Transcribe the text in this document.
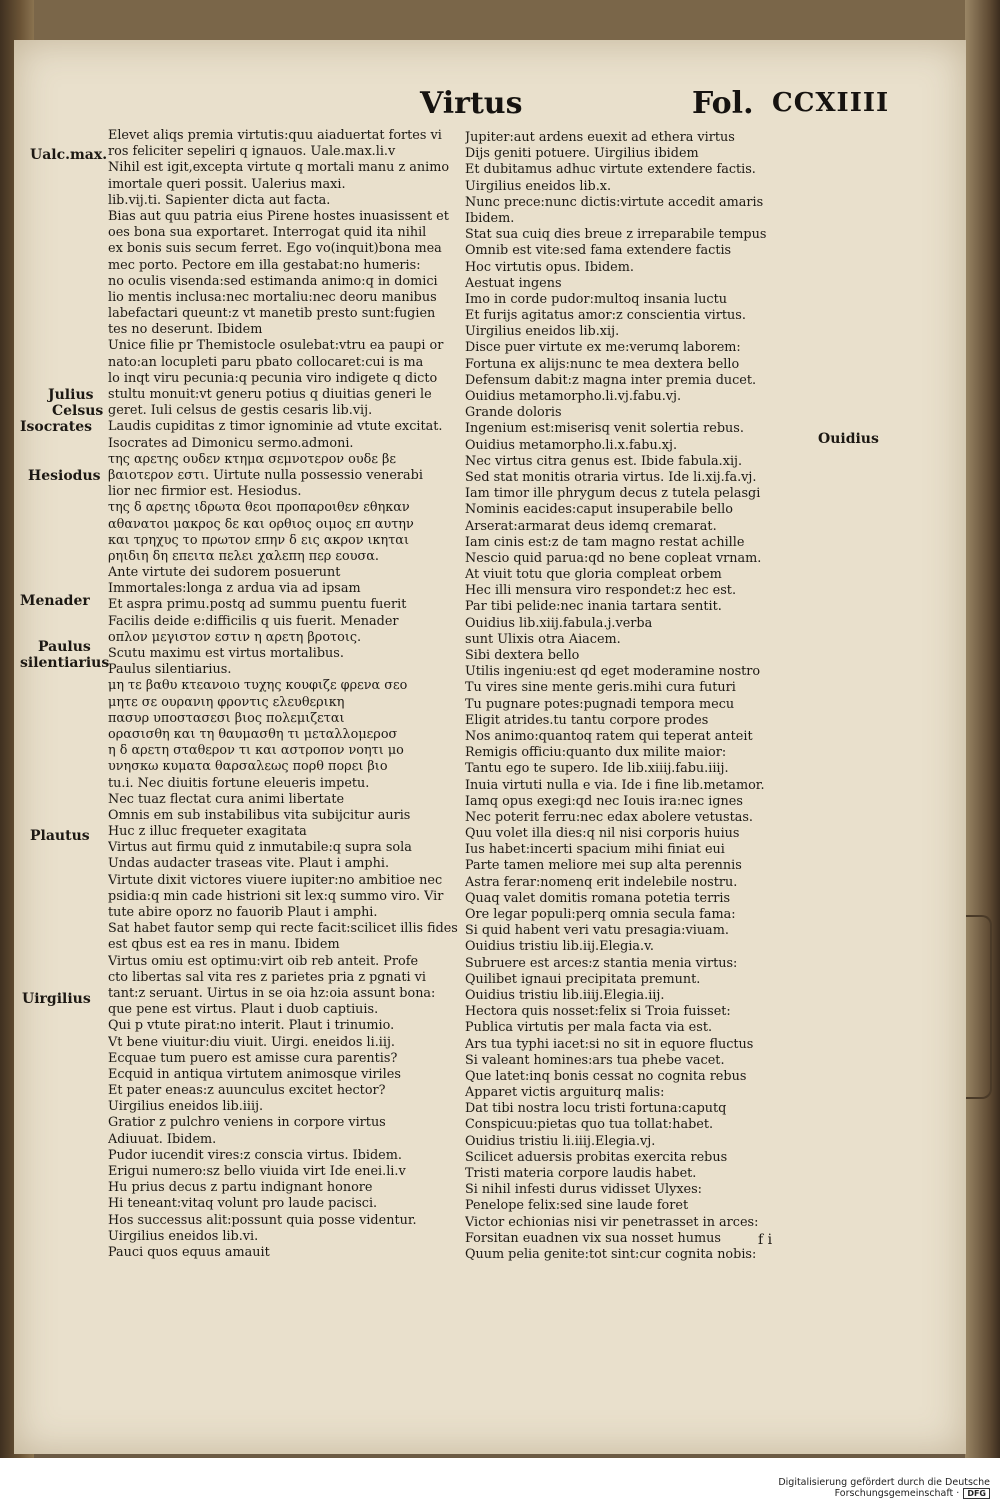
Virtus	Fol. CCXIIII
Ualc.max.
Julius
Celsus
Isocrates
Hesiodus
Menader
Paulus
silentiarius
Plautus
Uirgilius
Ouidius
Elevet aliqs premia virtutis:quu aiaduertat fortes vi
ros feliciter sepeliri q ignauos. Uale.max.li.v
Nihil est igit,excepta virtute q mortali manu z animo
imortale queri possit. Ualerius maxi.
lib.vij.ti. Sapienter dicta aut facta.
Bias aut quu patria eius Pirene hostes inuasissent et
oes bona sua exportaret. Interrogat quid ita nihil
ex bonis suis secum ferret. Ego vo(inquit)bona mea
mec porto. Pectore em illa gestabat:no humeris:
no oculis visenda:sed estimanda animo:q in domici
lio mentis inclusa:nec mortaliu:nec deoru manibus
labefactari queunt:z vt manetib presto sunt:fugien
tes no deserunt. Ibidem
Unice filie pr Themistocle osulebat:vtru ea paupi or
nato:an locupleti paru pbato collocaret:cui is ma
lo inqt viru pecunia:q pecunia viro indigete q dicto
stultu monuit:vt generu potius q diuitias generi le
geret. Iuli celsus de gestis cesaris lib.vij.
Laudis cupiditas z timor ignominie ad vtute excitat.
Isocrates ad Dimonicu sermo.admoni.
της αρετης ουδεν κτημα σεμνοτερον ουδε βε
βαιοτερον εστι. Uirtute nulla possessio venerabi
lior nec firmior est. Hesiodus.
της δ αρετης ιδρωτα θεοι προπαροιθεν εθηκαν
αθανατοι μακρος δε και ορθιος οιμος επ αυτην
και τρηχυς το πρωτον επην δ εις ακρον ικηται
ρηιδιη δη επειτα πελει χαλεπη περ εουσα.
Ante virtute dei sudorem posuerunt
Immortales:longa z ardua via ad ipsam
Et aspra primu.postq ad summu puentu fuerit
Facilis deide e:difficilis q uis fuerit. Menader
οπλον μεγιστον εστιν η αρετη βροτοις.
Scutu maximu est virtus mortalibus.
Paulus silentiarius.
μη τε βαθυ κτεανοιο τυχης κουφιζε φρενα σεο
μητε σε ουρανιη φροντις ελευθερικη
πασυρ υποστασεσι βιος πολεμιζεται
ορασισθη και τη θαυμασθη τι μεταλλομεροσ
η δ αρετη σταθερον τι και αστροπον νοητι μο
υνησκω κυματα θαρσαλεως πορθ πορει βιο
tu.i. Nec diuitis fortune eleueris impetu.
Nec tuaz flectat cura animi libertate
Omnis em sub instabilibus vita subijcitur auris
Huc z illuc frequeter exagitata
Virtus aut firmu quid z inmutabile:q supra sola
Undas audacter traseas vite. Plaut i amphi.
Virtute dixit victores viuere iupiter:no ambitioe nec
psidia:q min cade histrioni sit lex:q summo viro. Vir
tute abire oporz no fauorib Plaut i amphi.
Sat habet fautor semp qui recte facit:scilicet illis fides
est qbus est ea res in manu. Ibidem
Virtus omiu est optimu:virt oib reb anteit. Profe
cto libertas sal vita res z parietes pria z pgnati vi
tant:z seruant. Uirtus in se oia hz:oia assunt bona:
que pene est virtus. Plaut i duob captiuis.
Qui p vtute pirat:no interit. Plaut i trinumio.
Vt bene viuitur:diu viuit. Uirgi. eneidos li.iij.
Ecquae tum puero est amisse cura parentis?
Ecquid in antiqua virtutem animosque viriles
Et pater eneas:z auunculus excitet hector?
Uirgilius eneidos lib.iiij.
Gratior z pulchro veniens in corpore virtus
Adiuuat. Ibidem.
Pudor iucendit vires:z conscia virtus. Ibidem.
Erigui numero:sz bello viuida virt Ide enei.li.v
Hu prius decus z partu indignant honore
Hi teneant:vitaq volunt pro laude pacisci.
Hos successus alit:possunt quia posse videntur.
Uirgilius eneidos lib.vi.
Pauci quos equus amauit
Jupiter:aut ardens euexit ad ethera virtus
Dijs geniti potuere. Uirgilius ibidem
Et dubitamus adhuc virtute extendere factis.
Uirgilius eneidos lib.x.
Nunc prece:nunc dictis:virtute accedit amaris
Ibidem.
Stat sua cuiq dies breue z irreparabile tempus
Omnib est vite:sed fama extendere factis
Hoc virtutis opus. Ibidem.
Aestuat ingens
Imo in corde pudor:multoq insania luctu
Et furijs agitatus amor:z conscientia virtus.
Uirgilius eneidos lib.xij.
Disce puer virtute ex me:verumq laborem:
Fortuna ex alijs:nunc te mea dextera bello
Defensum dabit:z magna inter premia ducet.
Ouidius metamorpho.li.vj.fabu.vj.
Grande doloris
Ingenium est:miserisq venit solertia rebus.
Ouidius metamorpho.li.x.fabu.xj.
Nec virtus citra genus est. Ibide fabula.xij.
Sed stat monitis otraria virtus. Ide li.xij.fa.vj.
Iam timor ille phrygum decus z tutela pelasgi
Nominis eacides:caput insuperabile bello
Arserat:armarat deus idemq cremarat.
Iam cinis est:z de tam magno restat achille
Nescio quid parua:qd no bene copleat vrnam.
At viuit totu que gloria compleat orbem
Hec illi mensura viro respondet:z hec est.
Par tibi pelide:nec inania tartara sentit.
Ouidius lib.xiij.fabula.j.verba
sunt Ulixis otra Aiacem.
Sibi dextera bello
Utilis ingeniu:est qd eget moderamine nostro
Tu vires sine mente geris.mihi cura futuri
Tu pugnare potes:pugnadi tempora mecu
Eligit atrides.tu tantu corpore prodes
Nos animo:quantoq ratem qui teperat anteit
Remigis officiu:quanto dux milite maior:
Tantu ego te supero. Ide lib.xiiij.fabu.iiij.
Inuia virtuti nulla e via. Ide i fine lib.metamor.
Iamq opus exegi:qd nec Iouis ira:nec ignes
Nec poterit ferru:nec edax abolere vetustas.
Quu volet illa dies:q nil nisi corporis huius
Ius habet:incerti spacium mihi finiat eui
Parte tamen meliore mei sup alta perennis
Astra ferar:nomenq erit indelebile nostru.
Quaq valet domitis romana potetia terris
Ore legar populi:perq omnia secula fama:
Si quid habent veri vatu presagia:viuam.
Ouidius tristiu lib.iij.Elegia.v.
Subruere est arces:z stantia menia virtus:
Quilibet ignaui precipitata premunt.
Ouidius tristiu lib.iiij.Elegia.iij.
Hectora quis nosset:felix si Troia fuisset:
Publica virtutis per mala facta via est.
Ars tua typhi iacet:si no sit in equore fluctus
Si valeant homines:ars tua phebe vacet.
Que latet:inq bonis cessat no cognita rebus
Apparet victis arguiturq malis:
Dat tibi nostra locu tristi fortuna:caputq
Conspicuu:pietas quo tua tollat:habet.
Ouidius tristiu li.iiij.Elegia.vj.
Scilicet aduersis probitas exercita rebus
Tristi materia corpore laudis habet.
Si nihil infesti durus vidisset Ulyxes:
Penelope felix:sed sine laude foret
Victor echionias nisi vir penetrasset in arces:
Forsitan euadnen vix sua nosset humus
Quum pelia genite:tot sint:cur cognita nobis:
f i
Digitalisierung gefördert durch die Deutsche Forschungsgemeinschaft · DFG
